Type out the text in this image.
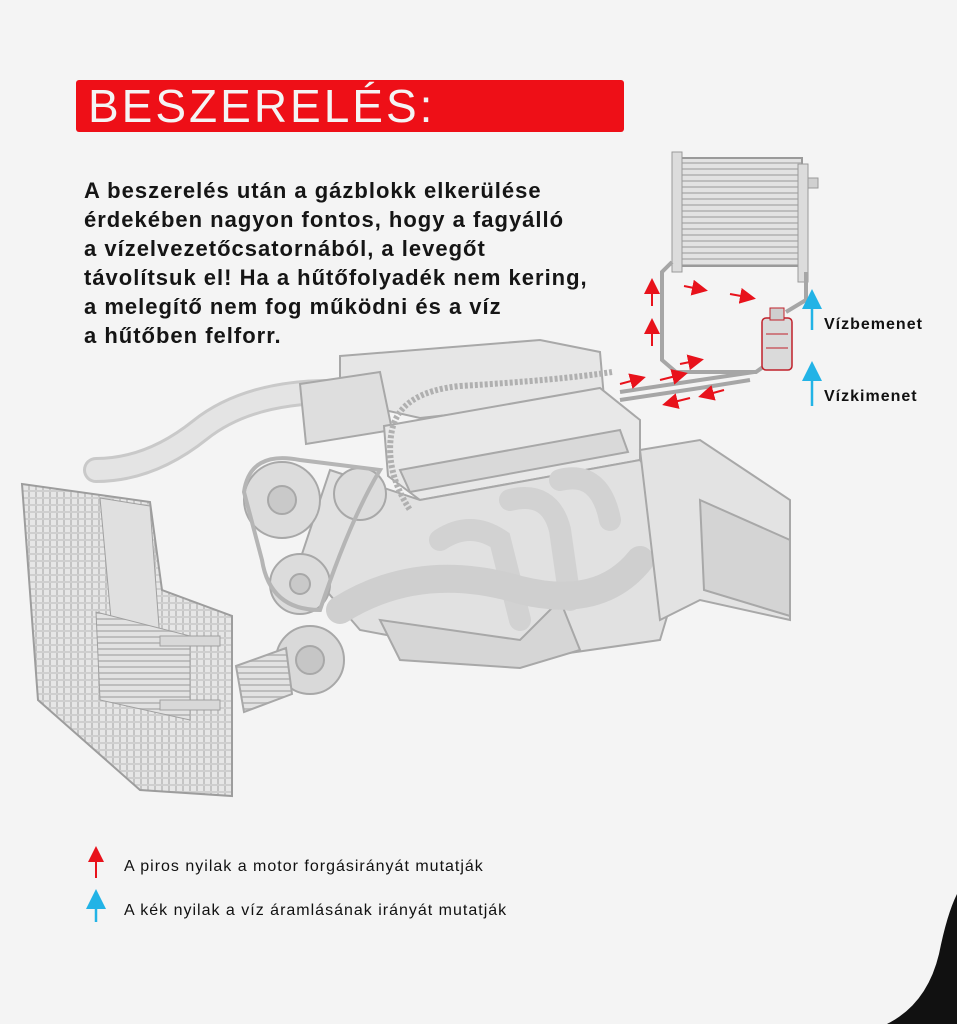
BESZERELÉS:
A beszerelés után a gázblokk elkerülése
érdekében nagyon fontos, hogy a fagyálló
a vízelvezetőcsatornából, a levegőt
távolítsuk el! Ha a hűtőfolyadék nem kering,
a melegítő nem fog működni és a víz
a hűtőben felforr.	Vízbemenet
Vízkimenet
A piros nyilak a motor forgásirányát mutatják
A kék nyilak a víz áramlásának irányát mutatják
